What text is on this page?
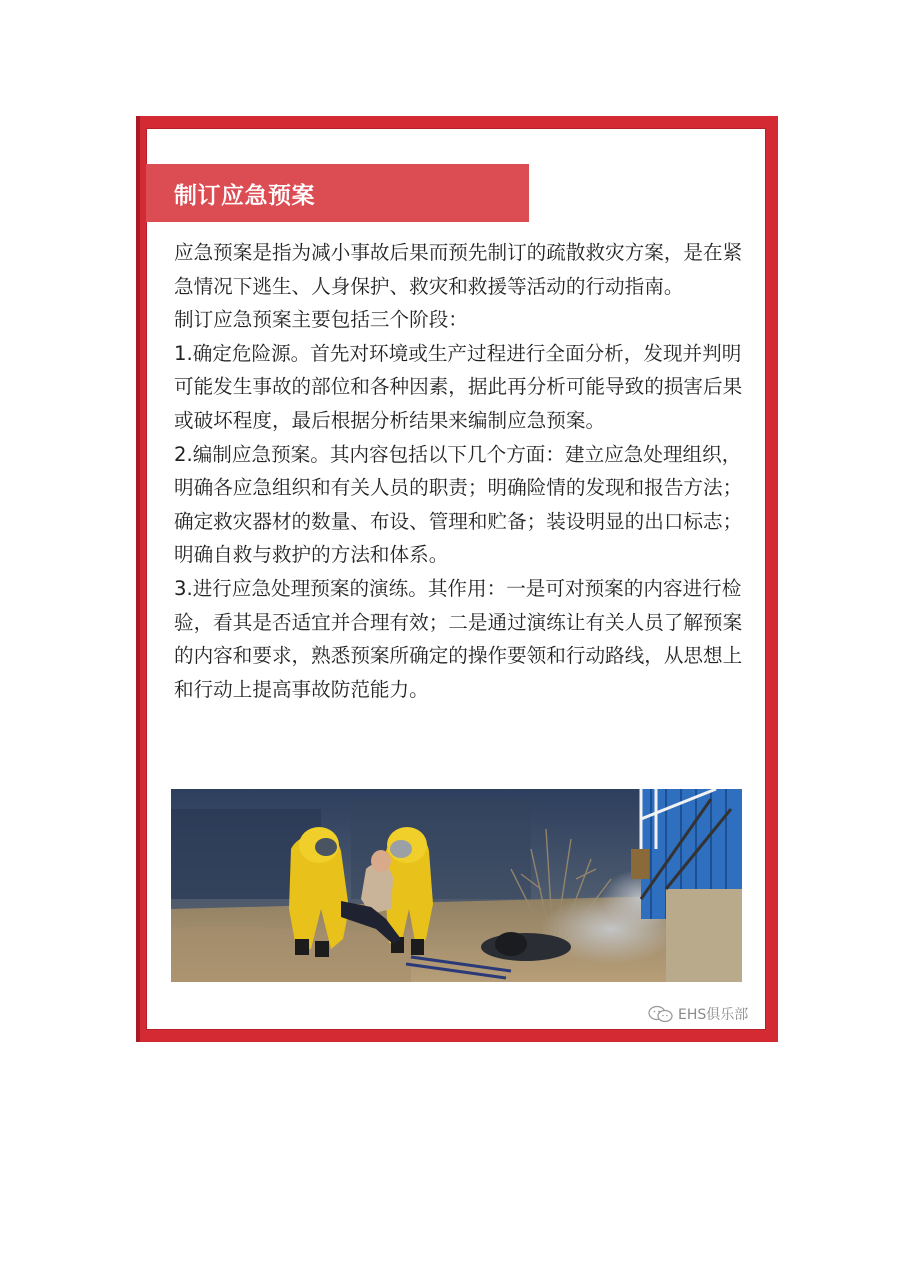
制订应急预案

应急预案是指为减小事故后果而预先制订的疏散救灾方案，是在紧急情况下逃生、人身保护、救灾和救援等活动的行动指南。

制订应急预案主要包括三个阶段：

1.确定危险源。首先对环境或生产过程进行全面分析，发现并判明可能发生事故的部位和各种因素，据此再分析可能导致的损害后果或破坏程度，最后根据分析结果来编制应急预案。

2.编制应急预案。其内容包括以下几个方面：建立应急处理组织，明确各应急组织和有关人员的职责；明确险情的发现和报告方法；确定救灾器材的数量、布设、管理和贮备；装设明显的出口标志；明确自救与救护的方法和体系。

3.进行应急处理预案的演练。其作用：一是可对预案的内容进行检验，看其是否适宜并合理有效；二是通过演练让有关人员了解预案的内容和要求，熟悉预案所确定的操作要领和行动路线，从思想上和行动上提高事故防范能力。

EHS俱乐部
